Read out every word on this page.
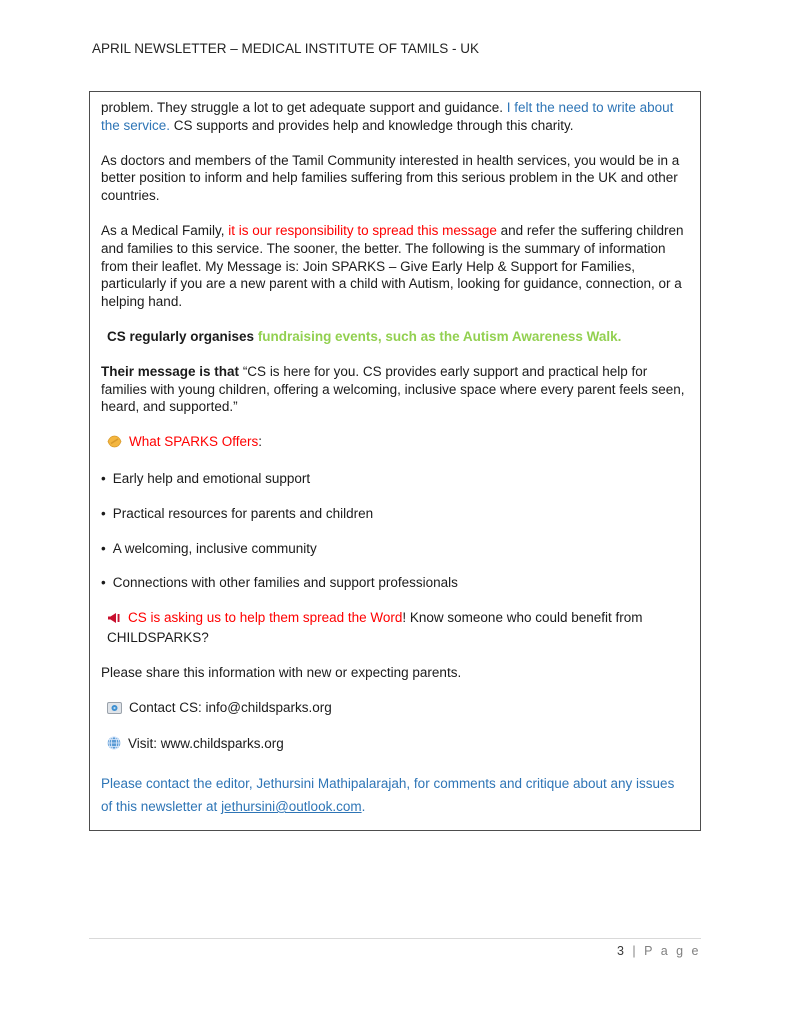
APRIL NEWSLETTER – MEDICAL INSTITUTE OF TAMILS - UK

problem. They struggle a lot to get adequate support and guidance. I felt the need to write about the service. CS supports and provides help and knowledge through this charity.

As doctors and members of the Tamil Community interested in health services, you would be in a better position to inform and help families suffering from this serious problem in the UK and other countries.

As a Medical Family, it is our responsibility to spread this message and refer the suffering children and families to this service. The sooner, the better. The following is the summary of information from their leaflet. My Message is: Join SPARKS – Give Early Help & Support for Families, particularly if you are a new parent with a child with Autism, looking for guidance, connection, or a helping hand.

CS regularly organises fundraising events, such as the Autism Awareness Walk.

Their message is that “CS is here for you. CS provides early support and practical help for families with young children, offering a welcoming, inclusive space where every parent feels seen, heard, and supported.”

What SPARKS Offers:

• Early help and emotional support

• Practical resources for parents and children

• A welcoming, inclusive community

• Connections with other families and support professionals

CS is asking us to help them spread the Word! Know someone who could benefit from CHILDSPARKS?

Please share this information with new or expecting parents.

Contact CS: info@childsparks.org

Visit: www.childsparks.org

Please contact the editor, Jethursini Mathipalarajah, for comments and critique about any issues of this newsletter at jethursini@outlook.com.

3 | P a g e
